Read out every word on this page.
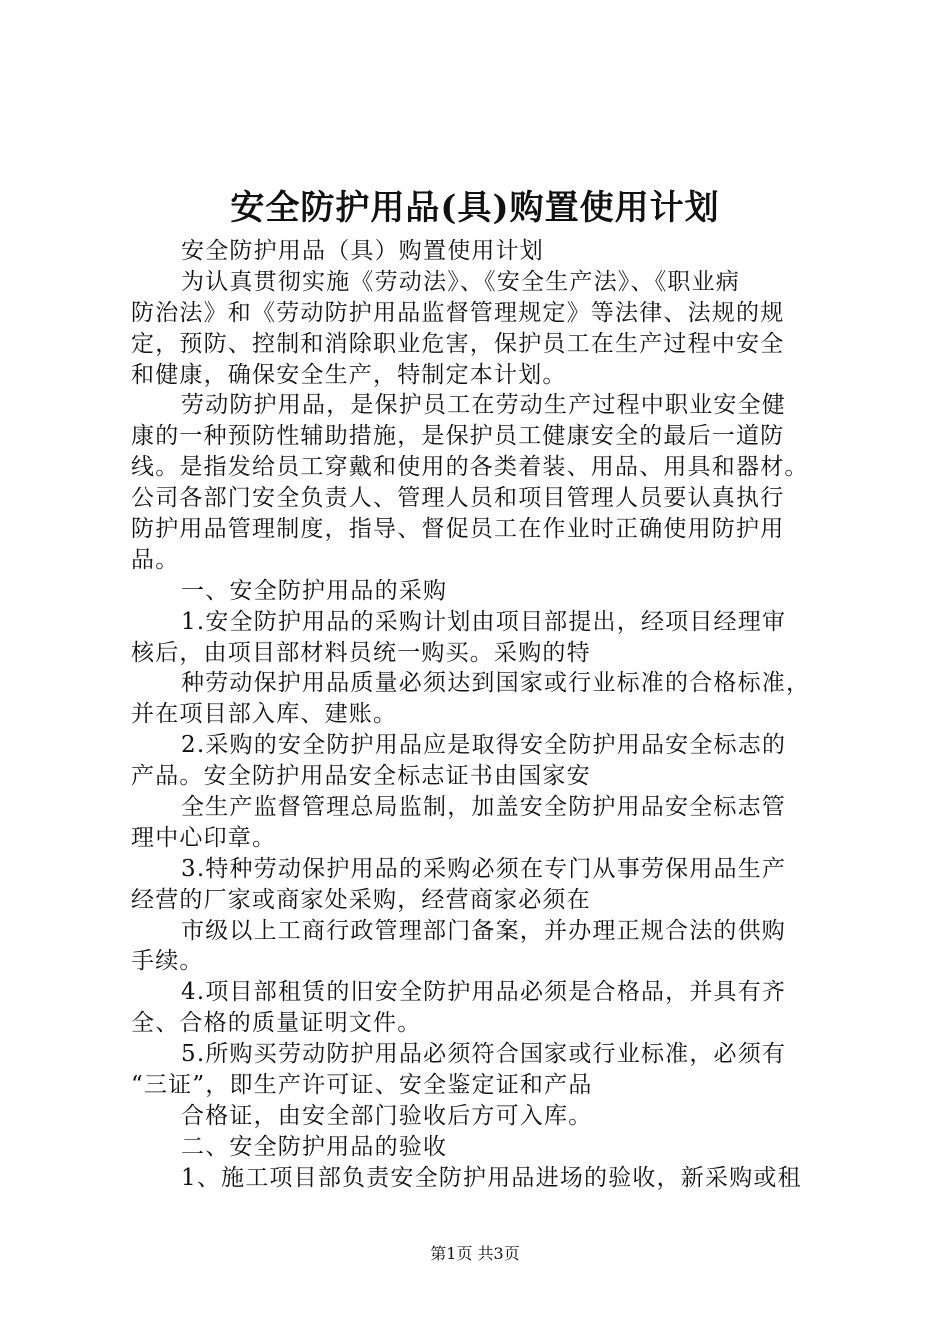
安全防护用品(具)购置使用计划
安全防护用品（具）购置使用计划
为认真贯彻实施《劳动法》、《安全生产法》、《职业病
防治法》和《劳动防护用品监督管理规定》等法律、法规的规
定，预防、控制和消除职业危害，保护员工在生产过程中安全
和健康，确保安全生产，特制定本计划。
劳动防护用品，是保护员工在劳动生产过程中职业安全健
康的一种预防性辅助措施，是保护员工健康安全的最后一道防
线。是指发给员工穿戴和使用的各类着装、用品、用具和器材。
公司各部门安全负责人、管理人员和项目管理人员要认真执行
防护用品管理制度，指导、督促员工在作业时正确使用防护用
品。
一、安全防护用品的采购
1.安全防护用品的采购计划由项目部提出，经项目经理审
核后，由项目部材料员统一购买。采购的特
种劳动保护用品质量必须达到国家或行业标准的合格标准，
并在项目部入库、建账。
2.采购的安全防护用品应是取得安全防护用品安全标志的
产品。安全防护用品安全标志证书由国家安
全生产监督管理总局监制，加盖安全防护用品安全标志管
理中心印章。
3.特种劳动保护用品的采购必须在专门从事劳保用品生产
经营的厂家或商家处采购，经营商家必须在
市级以上工商行政管理部门备案，并办理正规合法的供购
手续。
4.项目部租赁的旧安全防护用品必须是合格品，并具有齐
全、合格的质量证明文件。
5.所购买劳动防护用品必须符合国家或行业标准，必须有
“三证”，即生产许可证、安全鉴定证和产品
合格证，由安全部门验收后方可入库。
二、安全防护用品的验收
1、施工项目部负责安全防护用品进场的验收，新采购或租
第1页 共3页
